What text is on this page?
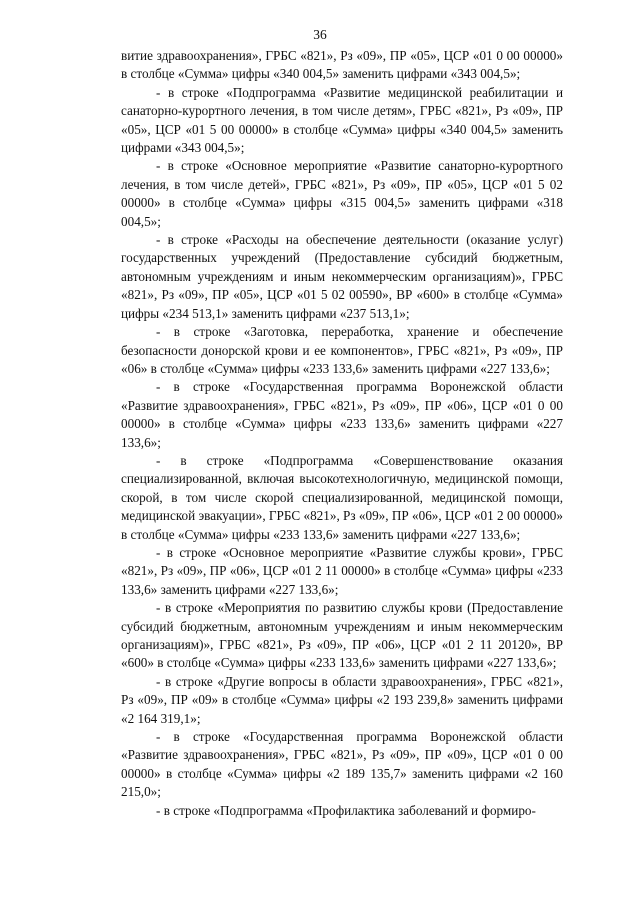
36

витие здравоохранения», ГРБС «821», Рз «09», ПР «05», ЦСР «01 0 00 00000» в столбце «Сумма» цифры «340 004,5» заменить цифрами «343 004,5»;

- в строке «Подпрограмма «Развитие медицинской реабилитации и санаторно-курортного лечения, в том числе детям», ГРБС «821», Рз «09», ПР «05», ЦСР «01 5 00 00000» в столбце «Сумма» цифры «340 004,5» заменить цифрами «343 004,5»;

- в строке «Основное мероприятие «Развитие санаторно-курортного лечения, в том числе детей», ГРБС «821», Рз «09», ПР «05», ЦСР «01 5 02 00000» в столбце «Сумма» цифры «315 004,5» заменить цифрами «318 004,5»;

- в строке «Расходы на обеспечение деятельности (оказание услуг) государственных учреждений (Предоставление субсидий бюджетным, автономным учреждениям и иным некоммерческим организациям)», ГРБС «821», Рз «09», ПР «05», ЦСР «01 5 02 00590», ВР «600» в столбце «Сумма» цифры «234 513,1» заменить цифрами «237 513,1»;

- в строке «Заготовка, переработка, хранение и обеспечение безопасности донорской крови и ее компонентов», ГРБС «821», Рз «09», ПР «06» в столбце «Сумма» цифры «233 133,6» заменить цифрами «227 133,6»;

- в строке «Государственная программа Воронежской области «Развитие здравоохранения», ГРБС «821», Рз «09», ПР «06», ЦСР «01 0 00 00000» в столбце «Сумма» цифры «233 133,6» заменить цифрами «227 133,6»;

- в строке «Подпрограмма «Совершенствование оказания специализированной, включая высокотехнологичную, медицинской помощи, скорой, в том числе скорой специализированной, медицинской помощи, медицинской эвакуации», ГРБС «821», Рз «09», ПР «06», ЦСР «01 2 00 00000» в столбце «Сумма» цифры «233 133,6» заменить цифрами «227 133,6»;

- в строке «Основное мероприятие «Развитие службы крови», ГРБС «821», Рз «09», ПР «06», ЦСР «01 2 11 00000» в столбце «Сумма» цифры «233 133,6» заменить цифрами «227 133,6»;

- в строке «Мероприятия по развитию службы крови (Предоставление субсидий бюджетным, автономным учреждениям и иным некоммерческим организациям)», ГРБС «821», Рз «09», ПР «06», ЦСР «01 2 11 20120», ВР «600» в столбце «Сумма» цифры «233 133,6» заменить цифрами «227 133,6»;

- в строке «Другие вопросы в области здравоохранения», ГРБС «821», Рз «09», ПР «09» в столбце «Сумма» цифры «2 193 239,8» заменить цифрами «2 164 319,1»;

- в строке «Государственная программа Воронежской области «Развитие здравоохранения», ГРБС «821», Рз «09», ПР «09», ЦСР «01 0 00 00000» в столбце «Сумма» цифры «2 189 135,7» заменить цифрами «2 160 215,0»;

- в строке «Подпрограмма «Профилактика заболеваний и формиро-
